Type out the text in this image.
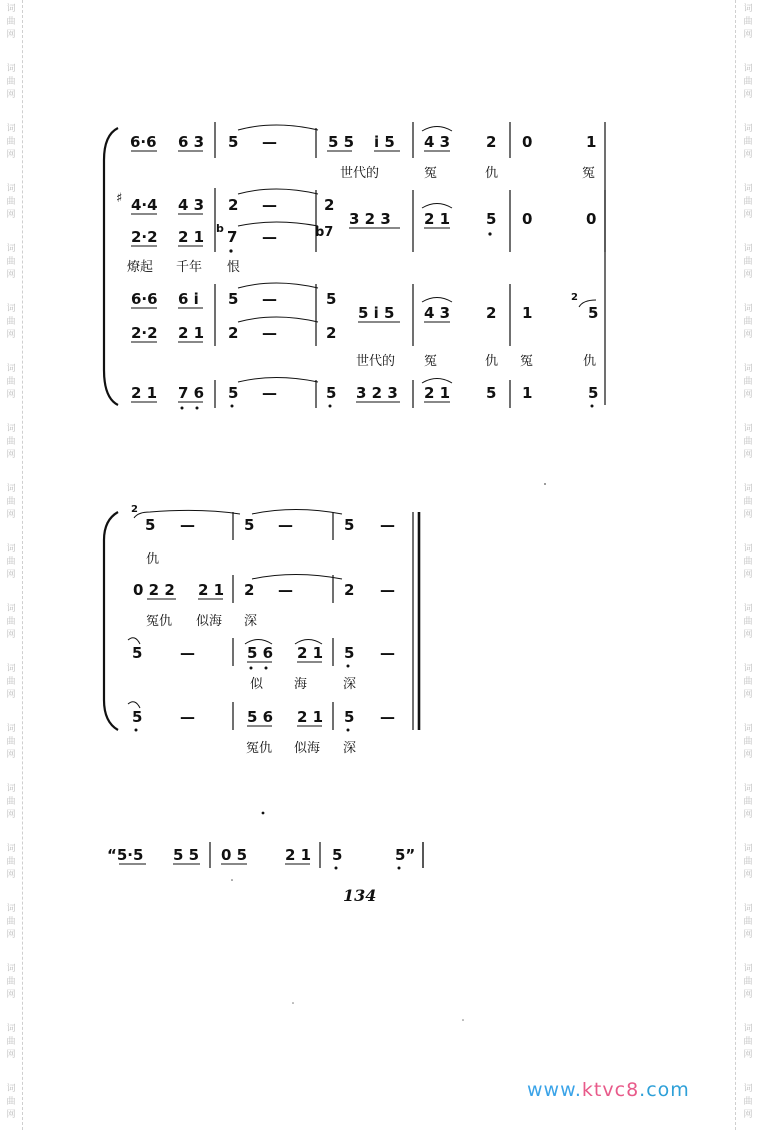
词
曲
网
词
曲
网
词
曲
网
词
曲
网
词
曲
网
词
曲
网
词
曲
网
词
曲
网
词
曲
网
词
曲
网
词
曲
网
词
曲
网
词
曲
网
词
曲
网
词
曲
网
词
曲
网
词
曲
网
词
曲
网
词
曲
网
词
曲
网
词
曲
网
词
曲
网
词
曲
网
词
曲
网
词
曲
网
词
曲
网
词
曲
网
词
曲
网
词
曲
网
词
曲
网
词
曲
网
词
曲
网
词
曲
网
词
曲
网
词
曲
网
词
曲
网
词
曲
网
词
曲
网
6·6 6 3 5 —	5 5 i 5 4 3 2 0	1
世代的	冤	仇	冤
♯ 4·4 4 3 2 —	2
2·2 2 1 b 7 —	b7
3 2 3 2 1 5 0	0
燎起 千年 恨
6·6 6 i 5 —	5	2
5
2·2 2 1 2 —	2
5 i 5 4 3 2 1
世代的 冤	仇 冤	仇
2 1 7 6 5 —	5 3 2 3 2 1 5 1	5
2
5 —	5 —	5 —
仇
0 2 2 2 1 2 —	2 —
冤仇 似海 深
5	—	5 6 2 1 5 —
似 海	深
5	—	5 6 2 1 5 —
冤仇 似海 深
“5·5 5 5 0 5	2 1 5	5”
134
www.ktvc8.com
